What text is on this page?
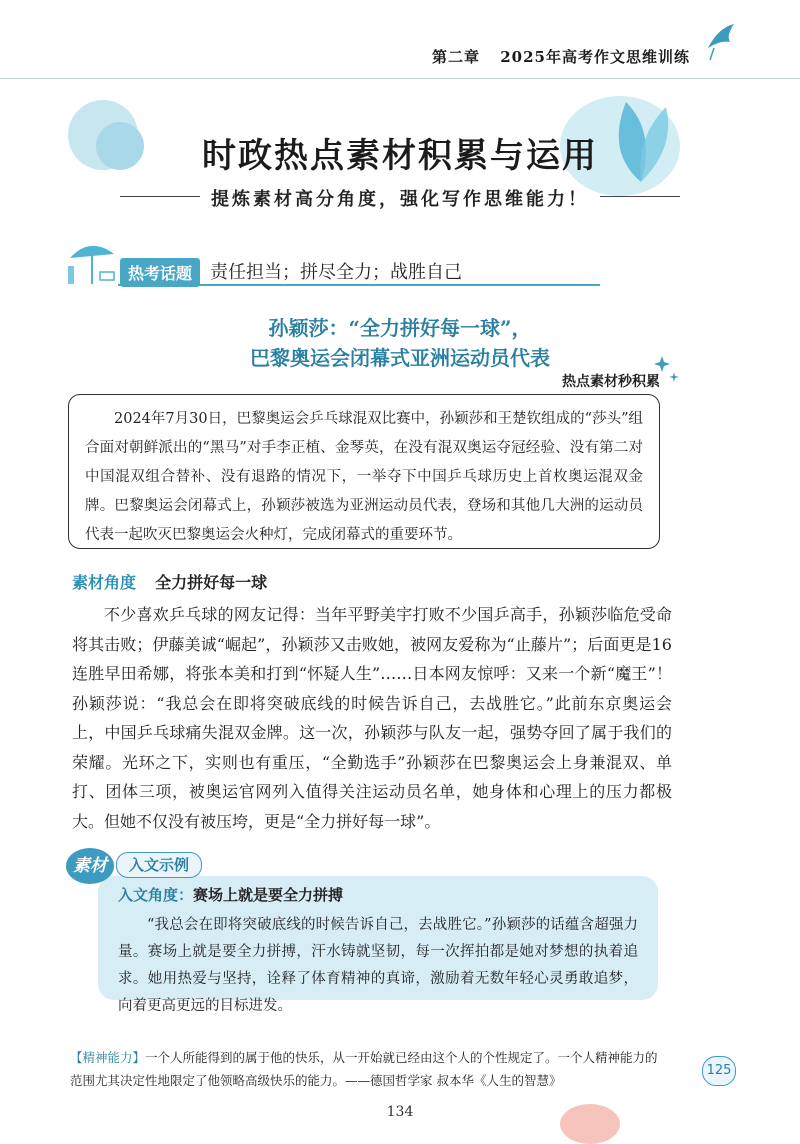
第二章 2025年高考作文思维训练
时政热点素材积累与运用
提炼素材高分角度，强化写作思维能力！
热考话题 责任担当；拼尽全力；战胜自己
孙颖莎：“全力拼好每一球”，
巴黎奥运会闭幕式亚洲运动员代表
热点素材秒积累

2024年7月30日，巴黎奥运会乒乓球混双比赛中，孙颖莎和王楚钦组成的“莎头”组合面对朝鲜派出的“黑马”对手李正植、金琴英，在没有混双奥运夺冠经验、没有第二对中国混双组合替补、没有退路的情况下，一举夺下中国乒乓球历史上首枚奥运混双金牌。巴黎奥运会闭幕式上，孙颖莎被选为亚洲运动员代表，登场和其他几大洲的运动员代表一起吹灭巴黎奥运会火种灯，完成闭幕式的重要环节。

素材角度 全力拼好每一球

不少喜欢乒乓球的网友记得：当年平野美宇打败不少国乒高手，孙颖莎临危受命将其击败；伊藤美诚“崛起”，孙颖莎又击败她，被网友爱称为“止藤片”；后面更是16连胜早田希娜，将张本美和打到“怀疑人生”……日本网友惊呼：又来一个新“魔王”！孙颖莎说：“我总会在即将突破底线的时候告诉自己，去战胜它。”此前东京奥运会上，中国乒乓球痛失混双金牌。这一次，孙颖莎与队友一起，强势夺回了属于我们的荣耀。光环之下，实则也有重压，“全勤选手”孙颖莎在巴黎奥运会上身兼混双、单打、团体三项，被奥运官网列入值得关注运动员名单，她身体和心理上的压力都极大。但她不仅没有被压垮，更是“全力拼好每一球”。

素材	入文示例
入文角度：赛场上就是要全力拼搏

“我总会在即将突破底线的时候告诉自己，去战胜它。”孙颖莎的话蕴含超强力量。赛场上就是要全力拼搏，汗水铸就坚韧，每一次挥拍都是她对梦想的执着追求。她用热爱与坚持，诠释了体育精神的真谛，激励着无数年轻心灵勇敢追梦，向着更高更远的目标进发。

【精神能力】一个人所能得到的属于他的快乐，从一开始就已经由这个人的个性规定了。一个人精神能力的范围尤其决定性地限定了他领略高级快乐的能力。——德国哲学家 叔本华《人生的智慧》

125
134
